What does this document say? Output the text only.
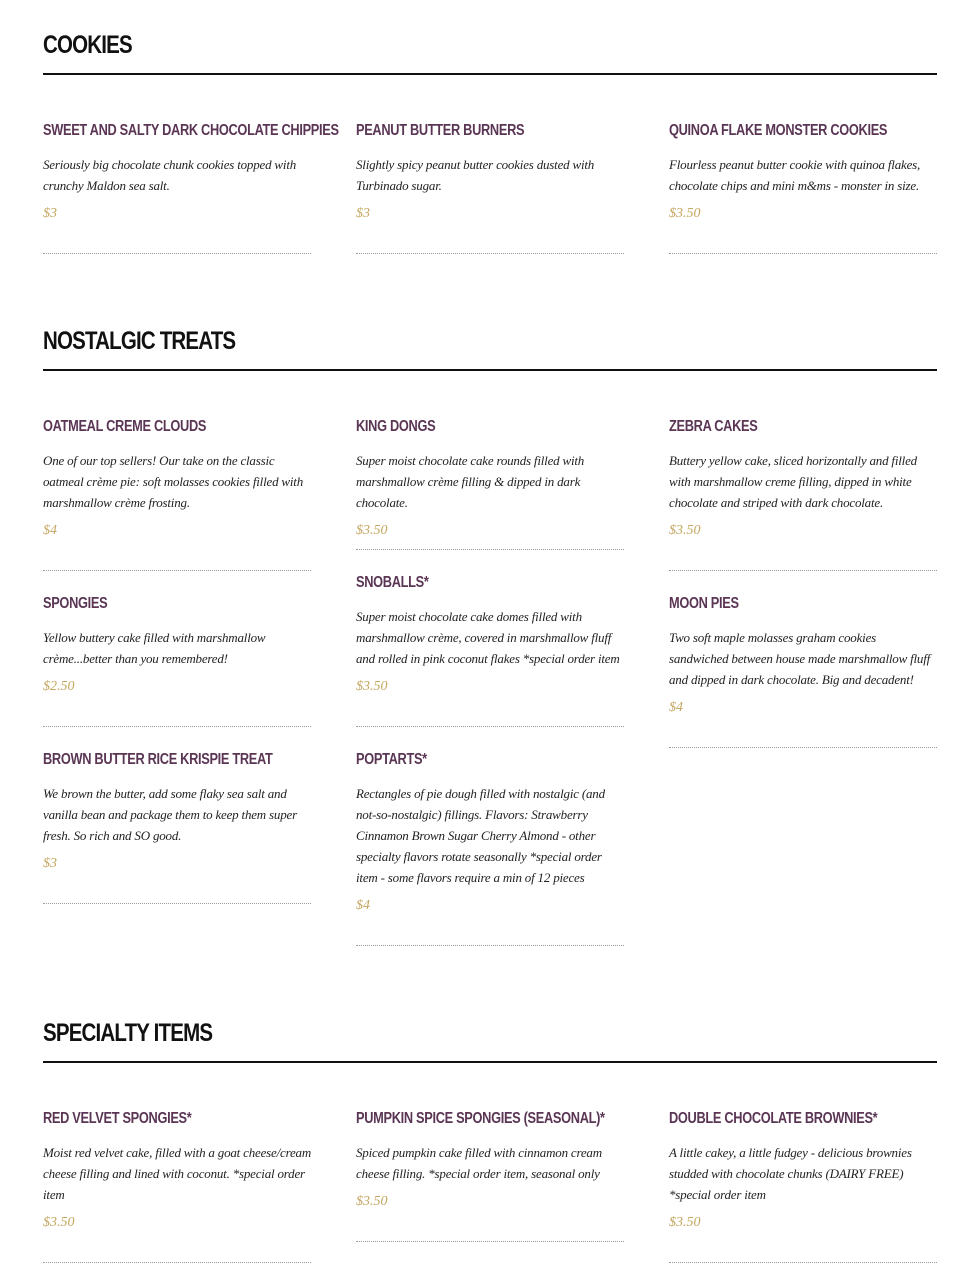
COOKIES
SWEET AND SALTY DARK CHOCOLATE CHIPPIES

Seriously big chocolate chunk cookies topped with crunchy Maldon sea salt.

$3

PEANUT BUTTER BURNERS

Slightly spicy peanut butter cookies dusted with Turbinado sugar.

$3

QUINOA FLAKE MONSTER COOKIES

Flourless peanut butter cookie with quinoa flakes, chocolate chips and mini m&ms - monster in size.

$3.50

NOSTALGIC TREATS
OATMEAL CREME CLOUDS

One of our top sellers! Our take on the classic oatmeal crème pie: soft molasses cookies filled with marshmallow crème frosting.

$4

SPONGIES

Yellow buttery cake filled with marshmallow crème...better than you remembered!

$2.50

BROWN BUTTER RICE KRISPIE TREAT

We brown the butter, add some flaky sea salt and vanilla bean and package them to keep them super fresh. So rich and SO good.

$3

KING DONGS

Super moist chocolate cake rounds filled with marshmallow crème filling & dipped in dark chocolate.

$3.50

SNOBALLS*

Super moist chocolate cake domes filled with marshmallow crème, covered in marshmallow fluff and rolled in pink coconut flakes *special order item

$3.50

POPTARTS*

Rectangles of pie dough filled with nostalgic (and not-so-nostalgic) fillings. Flavors: Strawberry Cinnamon Brown Sugar Cherry Almond - other specialty flavors rotate seasonally *special order item - some flavors require a min of 12 pieces

$4

ZEBRA CAKES

Buttery yellow cake, sliced horizontally and filled with marshmallow creme filling, dipped in white chocolate and striped with dark chocolate.

$3.50

MOON PIES

Two soft maple molasses graham cookies sandwiched between house made marshmallow fluff and dipped in dark chocolate. Big and decadent!

$4

SPECIALTY ITEMS
RED VELVET SPONGIES*

Moist red velvet cake, filled with a goat cheese/cream cheese filling and lined with coconut. *special order item

$3.50

PUMPKIN SPICE SPONGIES (SEASONAL)*

Spiced pumpkin cake filled with cinnamon cream cheese filling. *special order item, seasonal only

$3.50

DOUBLE CHOCOLATE BROWNIES*

A little cakey, a little fudgey - delicious brownies studded with chocolate chunks (DAIRY FREE) *special order item

$3.50
